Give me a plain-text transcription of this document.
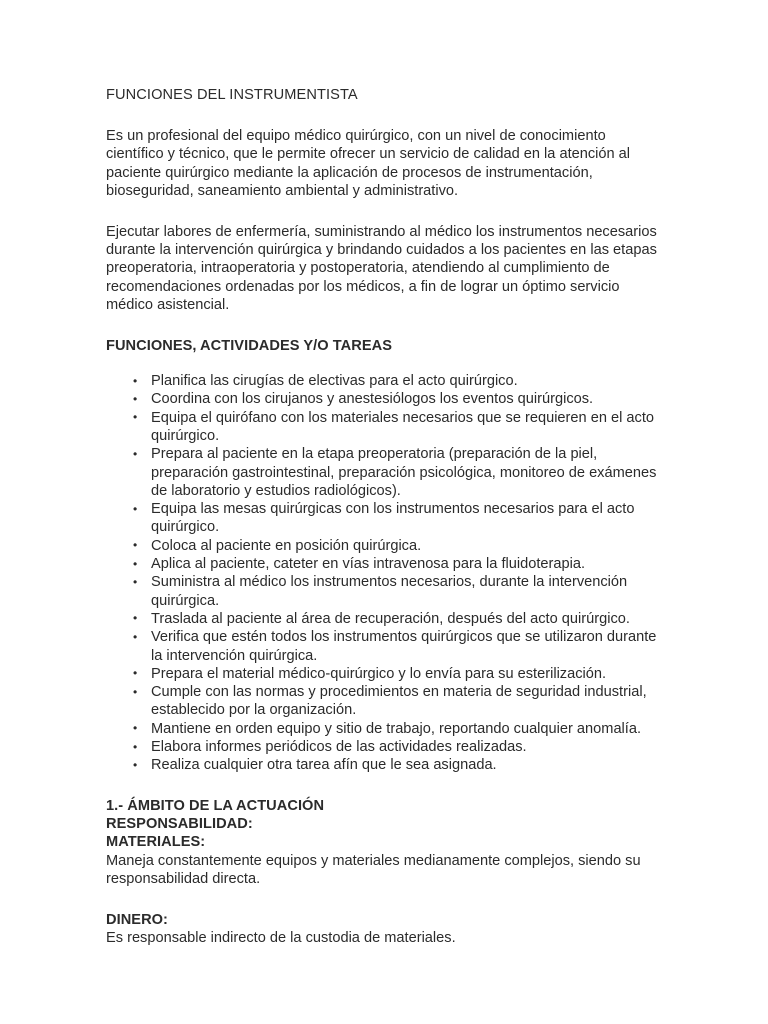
FUNCIONES DEL INSTRUMENTISTA

Es un profesional del equipo médico quirúrgico, con un nivel de conocimiento científico y técnico, que le permite ofrecer un servicio de calidad en la atención al paciente quirúrgico mediante la aplicación de procesos de instrumentación, bioseguridad, saneamiento ambiental y administrativo.

Ejecutar labores de enfermería, suministrando al médico los instrumentos necesarios durante la intervención quirúrgica y brindando cuidados a los pacientes en las etapas preoperatoria, intraoperatoria y postoperatoria, atendiendo al cumplimiento de recomendaciones ordenadas por los médicos, a fin de lograr un óptimo servicio médico asistencial.

FUNCIONES, ACTIVIDADES Y/O TAREAS
• Planifica las cirugías de electivas para el acto quirúrgico.
• Coordina con los cirujanos y anestesiólogos los eventos quirúrgicos.
• Equipa el quirófano con los materiales necesarios que se requieren en el acto quirúrgico.
• Prepara al paciente en la etapa preoperatoria (preparación de la piel, preparación gastrointestinal, preparación psicológica, monitoreo de exámenes de laboratorio y estudios radiológicos).
• Equipa las mesas quirúrgicas con los instrumentos necesarios para el acto quirúrgico.
• Coloca al paciente en posición quirúrgica.
• Aplica al paciente, cateter en vías intravenosa para la fluidoterapia.
• Suministra al médico los instrumentos necesarios, durante la intervención quirúrgica.
• Traslada al paciente al área de recuperación, después del acto quirúrgico.
• Verifica que estén todos los instrumentos quirúrgicos que se utilizaron durante la intervención quirúrgica.
• Prepara el material médico-quirúrgico y lo envía para su esterilización.
• Cumple con las normas y procedimientos en materia de seguridad industrial, establecido por la organización.
• Mantiene en orden equipo y sitio de trabajo, reportando cualquier anomalía.
• Elabora informes periódicos de las actividades realizadas.
• Realiza cualquier otra tarea afín que le sea asignada.
1.- ÁMBITO DE LA ACTUACIÓN
RESPONSABILIDAD:
MATERIALES:

Maneja constantemente equipos y materiales medianamente complejos, siendo su responsabilidad directa.

DINERO:

Es responsable indirecto de la custodia de materiales.
